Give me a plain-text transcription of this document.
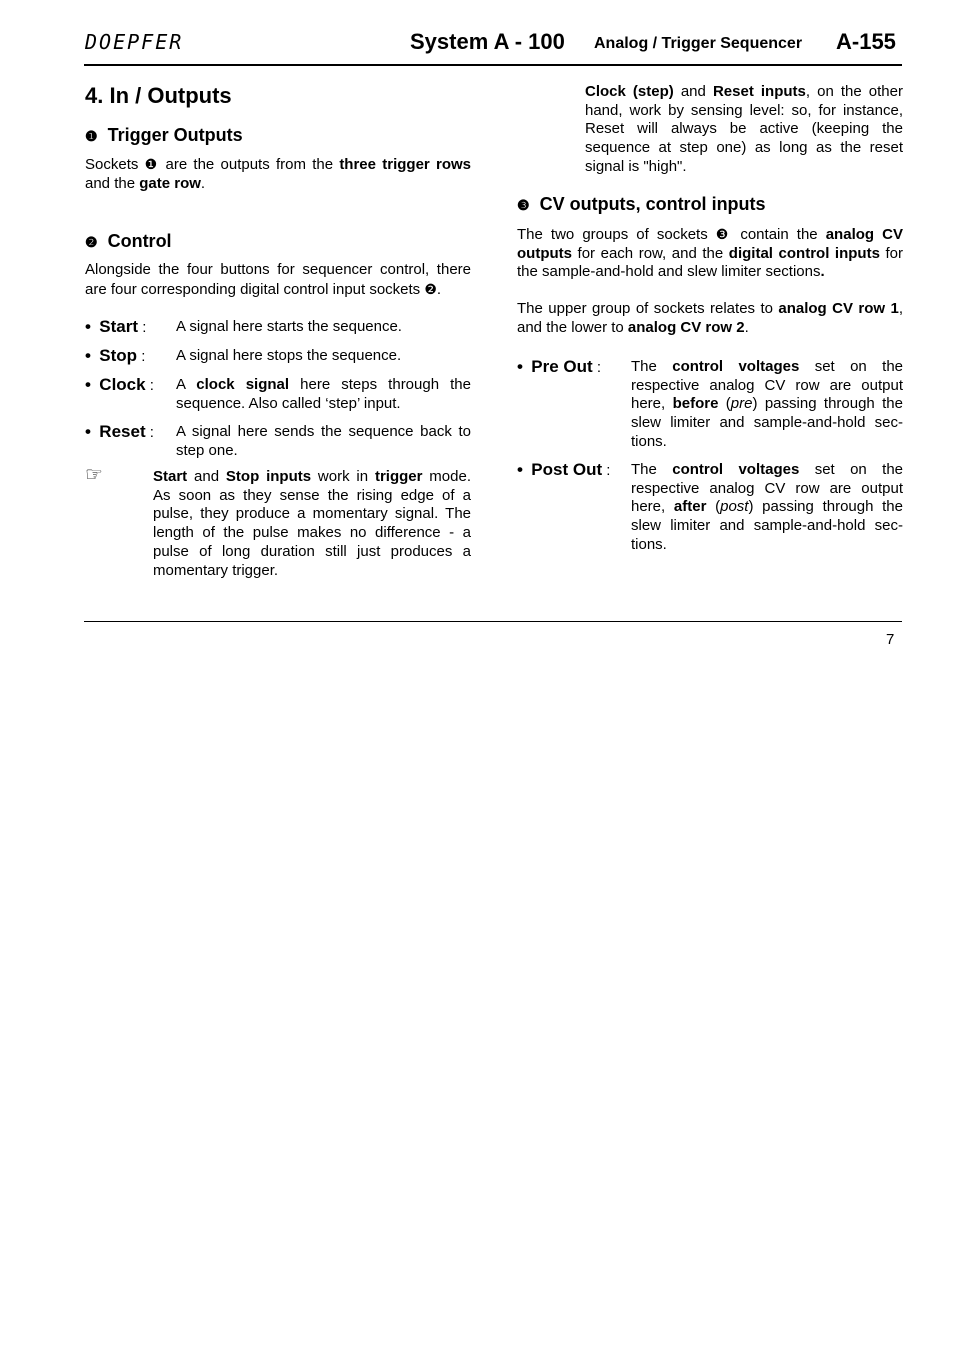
DOEPFER	System A - 100 Analog / Trigger Sequencer A-155
4. In / Outputs
❶ Trigger Outputs

Sockets ❶ are the outputs from the three trigger rows and the gate row.

❷ Control

Alongside the four buttons for sequencer control, there are four corresponding digital control input sockets ❷.

• Start : A signal here starts the sequence.
• Stop : A signal here stops the sequence.
• Clock : A clock signal here steps through the sequence. Also called ‘step’ input.
• Reset : A signal here sends the sequence back to step one.
☞	Start and Stop inputs work in trigger mode. As soon as they sense the rising edge of a pulse, they produce a momentary signal. The length of the pulse makes no difference - a pulse of long duration still just produces a momentary trigger.

Clock (step) and Reset inputs, on the other hand, work by sensing level: so, for instance, Reset will always be active (keeping the sequence at step one) as long as the reset signal is "high".

❸ CV outputs, control inputs

The two groups of sockets ❸ contain the analog CV outputs for each row, and the digital control inputs for the sample-and-hold and slew limiter sections.

The upper group of sockets relates to analog CV row 1, and the lower to analog CV row 2.

• Pre Out : The control voltages set on the respective analog CV row are output here, before (pre) passing through the slew limiter and sample-and-hold sec-tions.
• Post Out : The control voltages set on the respective analog CV row are output here, after (post) passing through the slew limiter and sample-and-hold sec-tions.
7
